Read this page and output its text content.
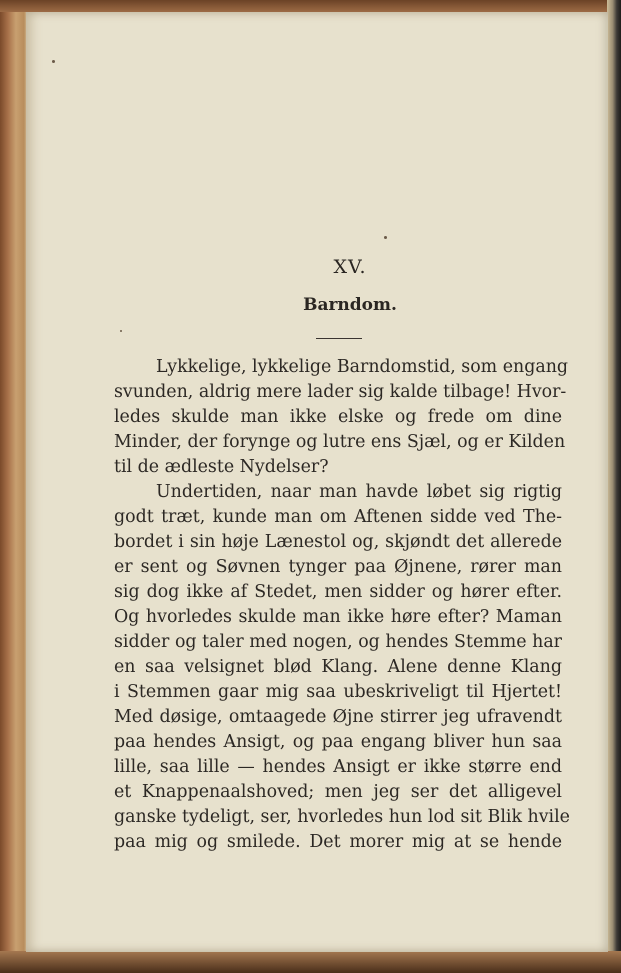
XV.
Barndom.
Lykkelige, lykkelige Barndomstid, som engang
svunden, aldrig mere lader sig kalde tilbage! Hvor-
ledes skulde man ikke elske og frede om dine
Minder, der forynge og lutre ens Sjæl, og er Kilden
til de ædleste Nydelser?
Undertiden, naar man havde løbet sig rigtig
godt træt, kunde man om Aftenen sidde ved The-
bordet i sin høje Lænestol og, skjøndt det allerede
er sent og Søvnen tynger paa Øjnene, rører man
sig dog ikke af Stedet, men sidder og hører efter.
Og hvorledes skulde man ikke høre efter? Maman
sidder og taler med nogen, og hendes Stemme har
en saa velsignet blød Klang. Alene denne Klang
i Stemmen gaar mig saa ubeskriveligt til Hjertet!
Med døsige, omtaagede Øjne stirrer jeg ufravendt
paa hendes Ansigt, og paa engang bliver hun saa
lille, saa lille — hendes Ansigt er ikke større end
et Knappenaalshoved; men jeg ser det alligevel
ganske tydeligt, ser, hvorledes hun lod sit Blik hvile
paa mig og smilede. Det morer mig at se hende
